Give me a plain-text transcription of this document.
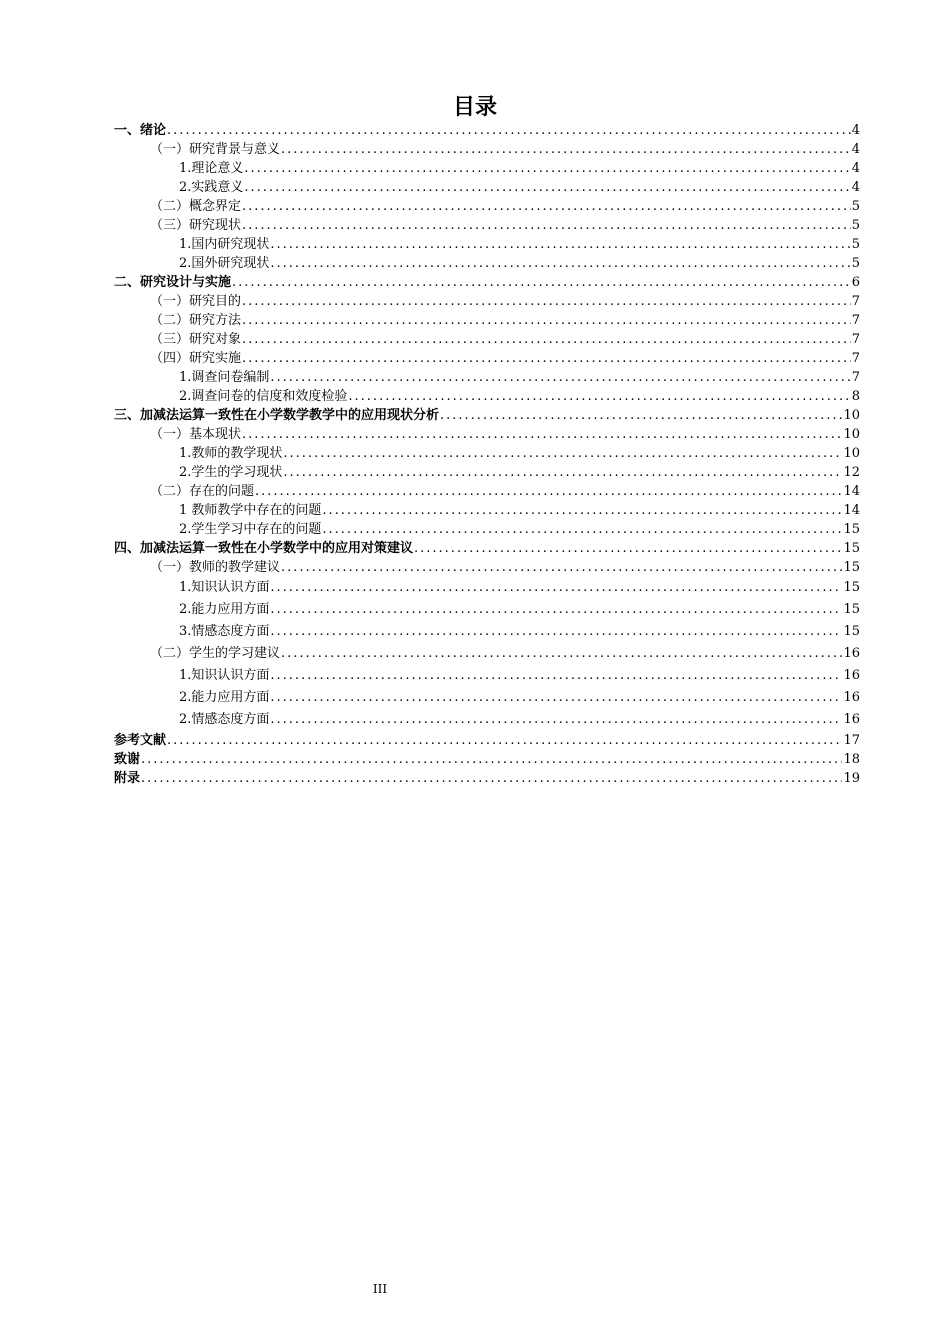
目录
一、绪论 .....	4
（一）研究背景与意义 .....	4
1.理论意义 .....	4
2.实践意义 .....	4
（二）概念界定 .....	5
（三）研究现状 .....	5
1.国内研究现状 .....	5
2.国外研究现状 .....	5
二、研究设计与实施 .....	6
（一）研究目的 .....	7
（二）研究方法 .....	7
（三）研究对象 .....	7
（四）研究实施 .....	7
1.调查问卷编制 .....	7
2.调查问卷的信度和效度检验 .....	8
三、加减法运算一致性在小学数学教学中的应用现状分析 .....	10
（一）基本现状 .....	10
1.教师的教学现状 .....	10
2.学生的学习现状 .....	12
（二）存在的问题 .....	14
1 教师教学中存在的问题 .....	14
2.学生学习中存在的问题 .....	15
四、加减法运算一致性在小学数学中的应用对策建议 .....	15
（一）教师的教学建议 .....	15
1.知识认识方面 .....	15
2.能力应用方面 .....	15
3.情感态度方面 .....	15
（二）学生的学习建议 .....	16
1.知识认识方面 .....	16
2.能力应用方面 .....	16
2.情感态度方面 .....	16
参考文献 .....	17
致谢 .....	18
附录 .....	19
III
